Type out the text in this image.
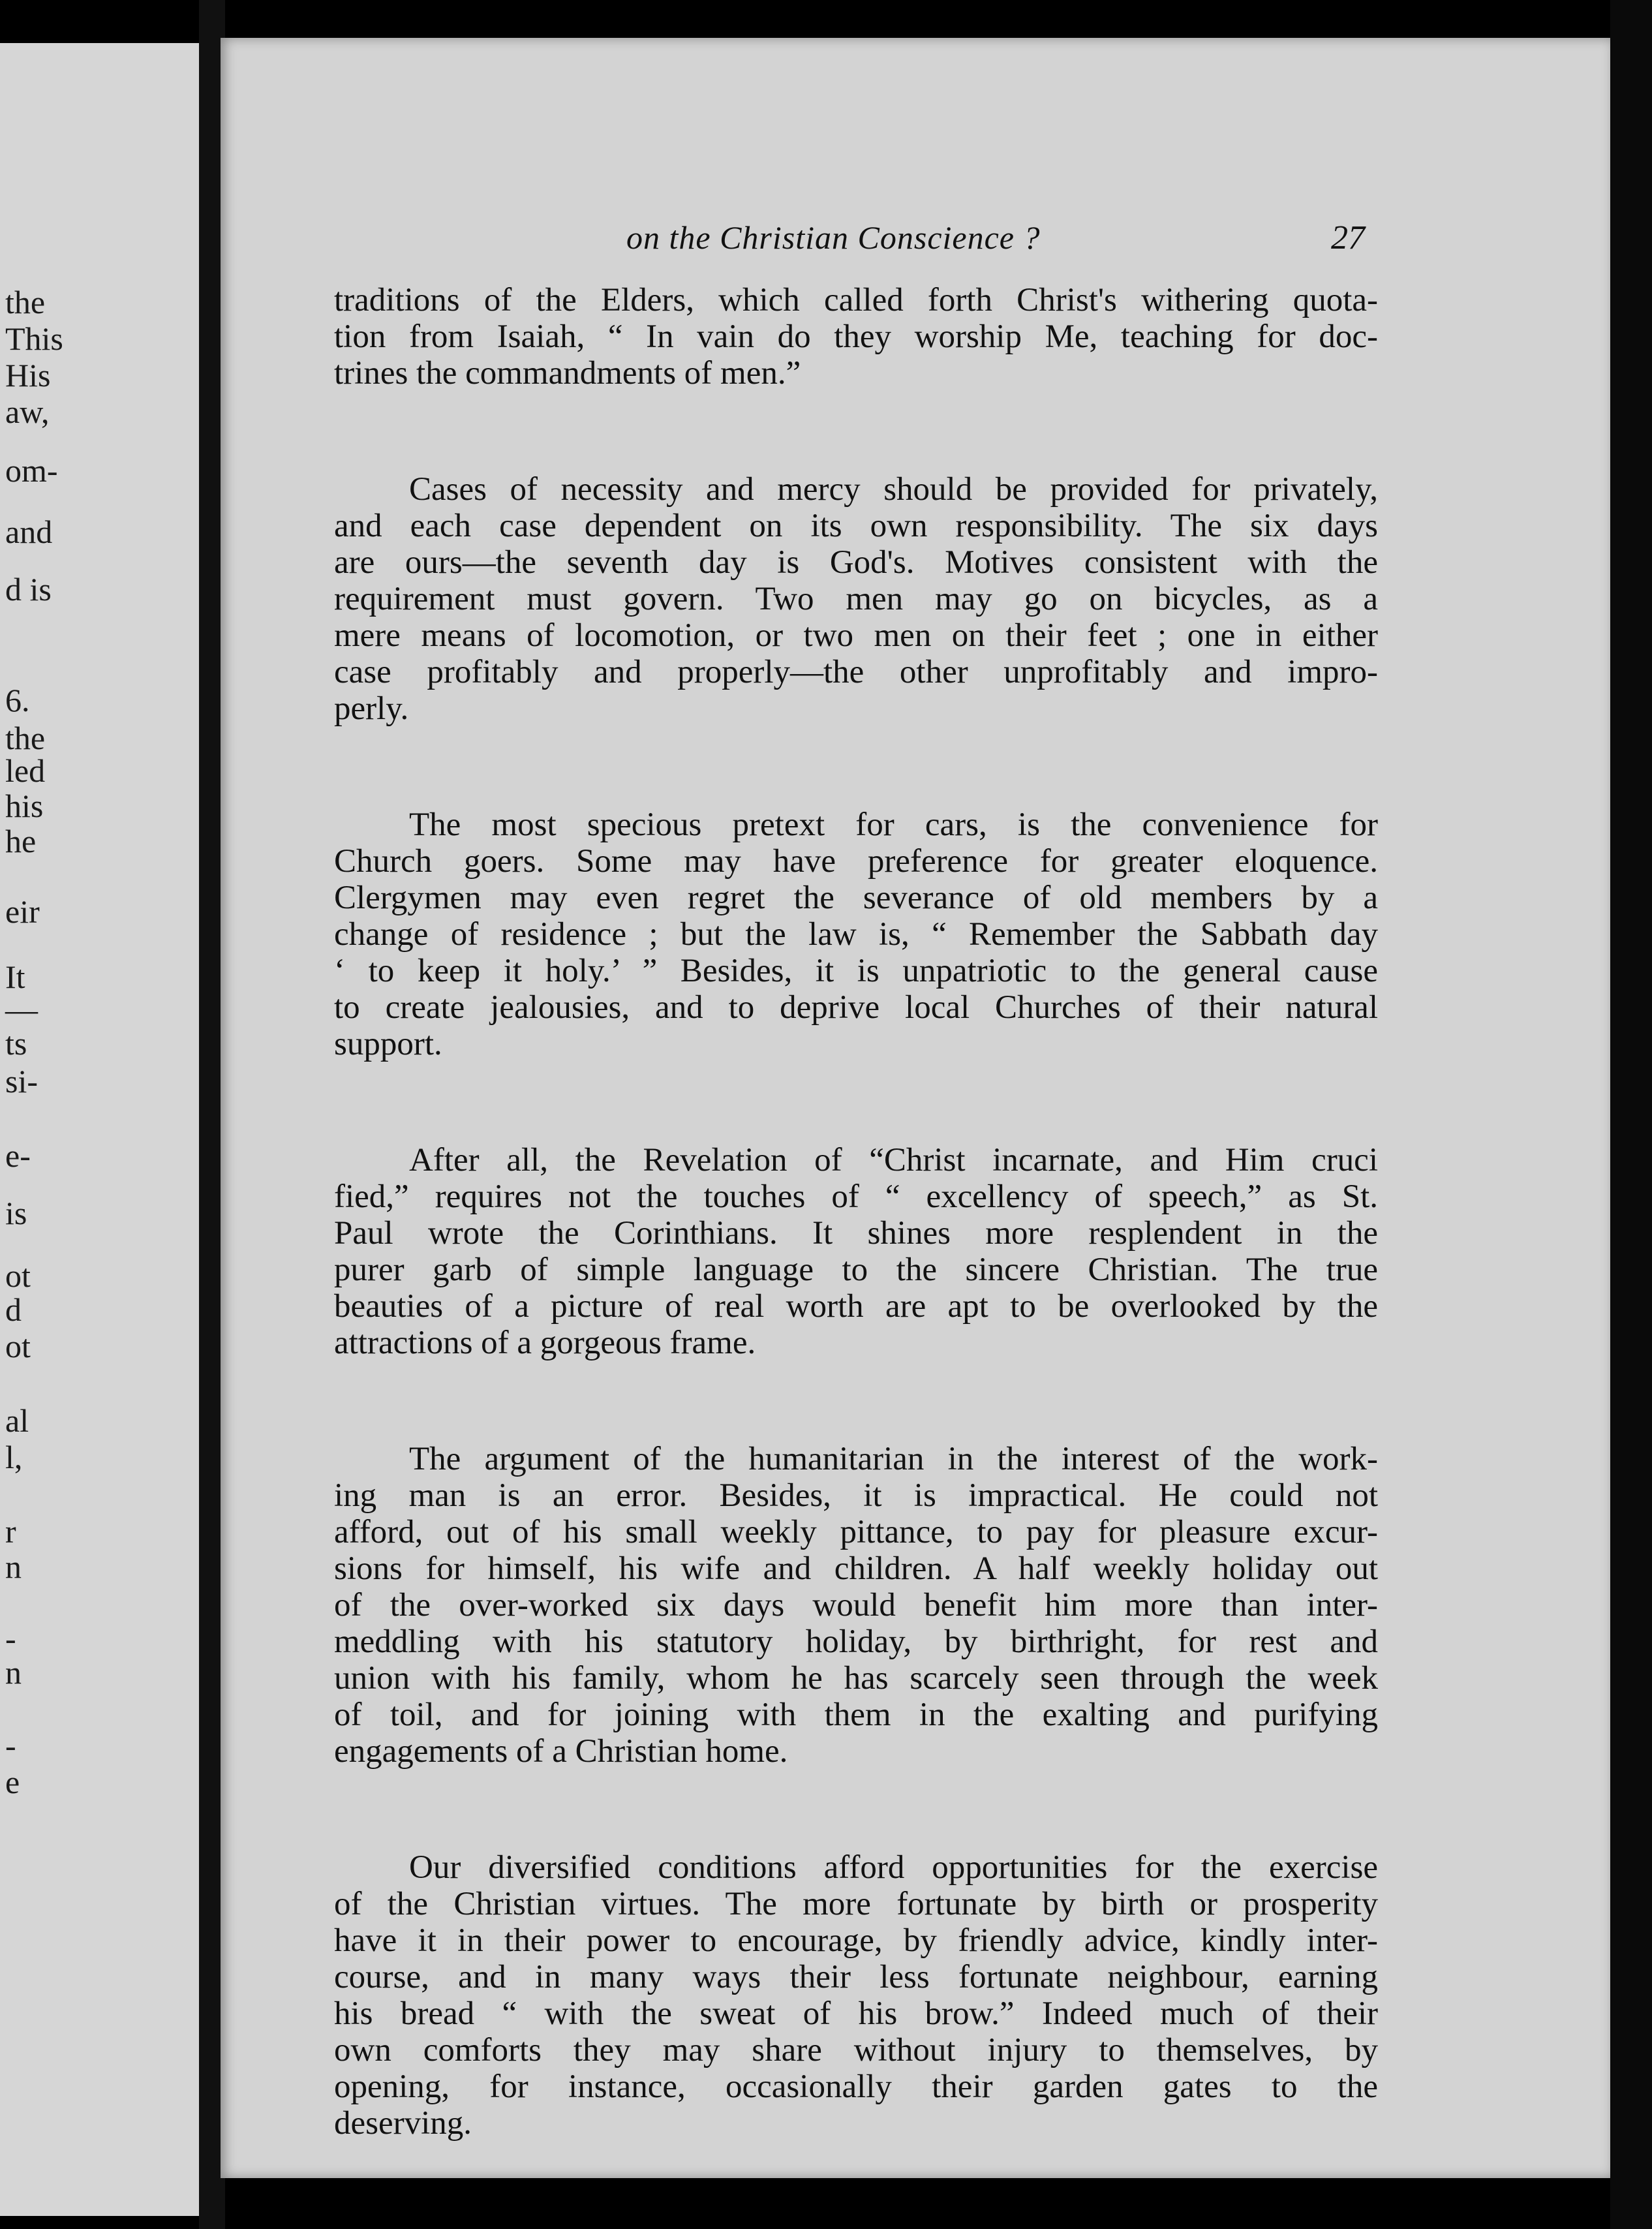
the
This
His
aw,
om-
and
d is
6.
the
led
his
he
eir
It
—
ts
si-
e-
is
ot
d
ot
al
l,
r
n
-
n
-
e
on the Christian Conscience ?	27
traditions of the Elders, which called forth Christ's withering quota-
tion from Isaiah, “ In vain do they worship Me, teaching for doc-
trines the commandments of men.”
Cases of necessity and mercy should be provided for privately,
and each case dependent on its own responsibility. The six days
are ours—the seventh day is God's. Motives consistent with the
requirement must govern. Two men may go on bicycles, as a
mere means of locomotion, or two men on their feet ; one in either
case profitably and properly—the other unprofitably and impro-
perly.
The most specious pretext for cars, is the convenience for
Church goers. Some may have preference for greater eloquence.
Clergymen may even regret the severance of old members by a
change of residence ; but the law is, “ Remember the Sabbath day
‘ to keep it holy.’ ” Besides, it is unpatriotic to the general cause
to create jealousies, and to deprive local Churches of their natural
support.
After all, the Revelation of “Christ incarnate, and Him cruci
fied,” requires not the touches of “ excellency of speech,” as St.
Paul wrote the Corinthians. It shines more resplendent in the
purer garb of simple language to the sincere Christian. The true
beauties of a picture of real worth are apt to be overlooked by the
attractions of a gorgeous frame.
The argument of the humanitarian in the interest of the work-
ing man is an error. Besides, it is impractical. He could not
afford, out of his small weekly pittance, to pay for pleasure excur-
sions for himself, his wife and children. A half weekly holiday out
of the over-worked six days would benefit him more than inter-
meddling with his statutory holiday, by birthright, for rest and
union with his family, whom he has scarcely seen through the week
of toil, and for joining with them in the exalting and purifying
engagements of a Christian home.
Our diversified conditions afford opportunities for the exercise
of the Christian virtues. The more fortunate by birth or prosperity
have it in their power to encourage, by friendly advice, kindly inter-
course, and in many ways their less fortunate neighbour, earning
his bread “ with the sweat of his brow.” Indeed much of their
own comforts they may share without injury to themselves, by
opening, for instance, occasionally their garden gates to the
deserving.
